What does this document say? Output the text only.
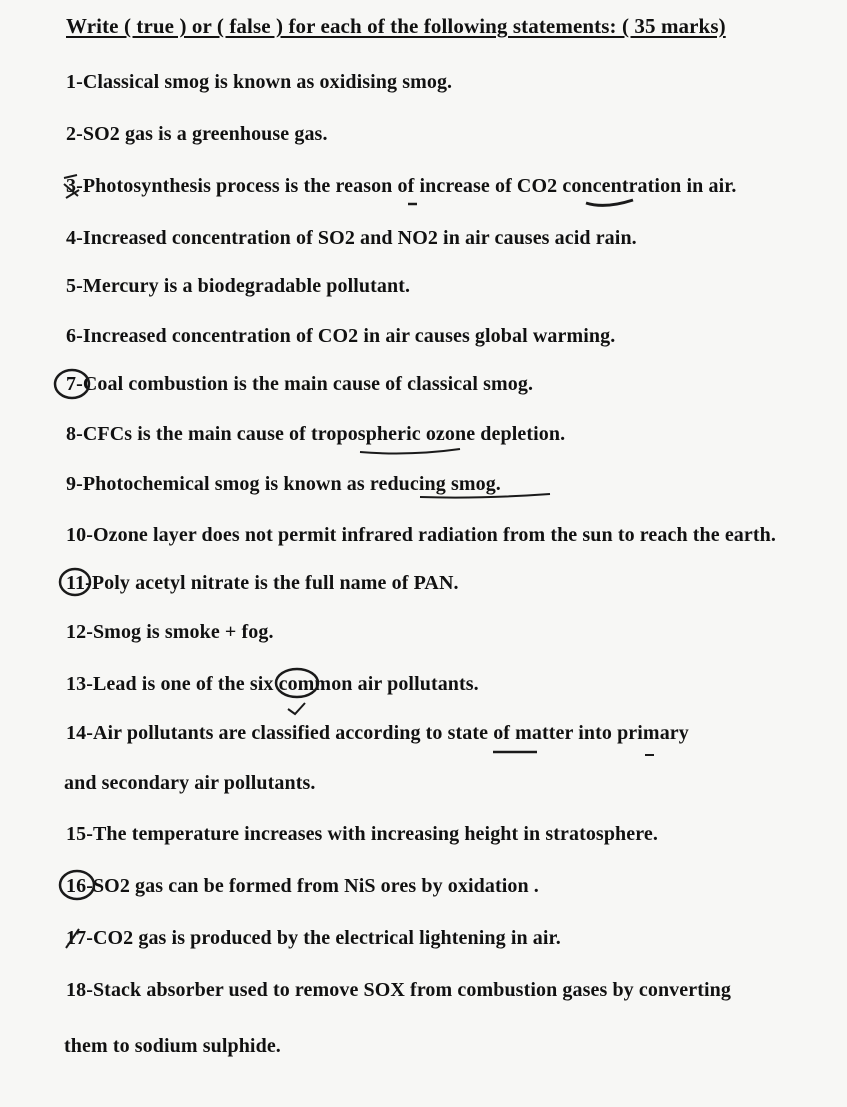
Write ( true ) or ( false ) for each of the following statements: ( 35 marks)
1-Classical smog is known as oxidising smog.
2-SO2 gas is a greenhouse gas.
3-Photosynthesis process is the reason of increase of CO2 concentration in air.
4-Increased concentration of SO2 and NO2 in air causes acid rain.
5-Mercury is a biodegradable pollutant.
6-Increased concentration of CO2 in air causes global warming.
7-Coal combustion is the main cause of classical smog.
8-CFCs is the main cause of tropospheric ozone depletion.
9-Photochemical smog is known as reducing smog.
10-Ozone layer does not permit infrared radiation from the sun to reach the earth.
11-Poly acetyl nitrate is the full name of PAN.
12-Smog is smoke + fog.
13-Lead is one of the six common air pollutants.
14-Air pollutants are classified according to state of matter into primary
and secondary air pollutants.
15-The temperature increases with increasing height in stratosphere.
16-SO2 gas can be formed from NiS ores by oxidation .
17-CO2 gas is produced by the electrical lightening in air.
18-Stack absorber used to remove SOX from combustion gases by converting
them to sodium sulphide.
